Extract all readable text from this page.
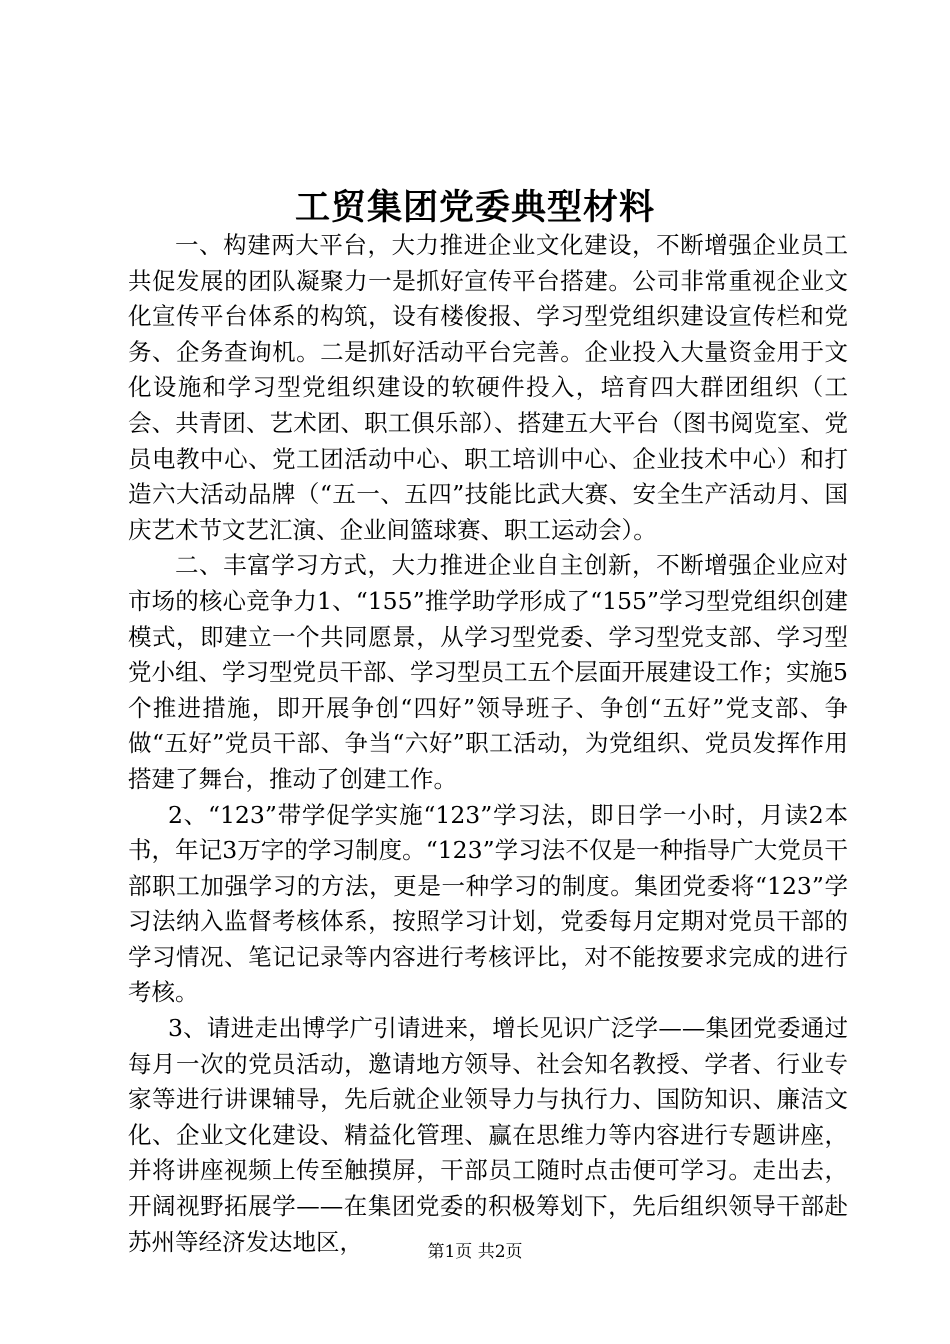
工贸集团党委典型材料

一、构建两大平台，大力推进企业文化建设，不断增强企业员工共促发展的团队凝聚力一是抓好宣传平台搭建。公司非常重视企业文化宣传平台体系的构筑，设有楼俊报、学习型党组织建设宣传栏和党务、企务查询机。二是抓好活动平台完善。企业投入大量资金用于文化设施和学习型党组织建设的软硬件投入，培育四大群团组织（工会、共青团、艺术团、职工俱乐部）、搭建五大平台（图书阅览室、党员电教中心、党工团活动中心、职工培训中心、企业技术中心）和打造六大活动品牌（“五一、五四”技能比武大赛、安全生产活动月、国庆艺术节文艺汇演、企业间篮球赛、职工运动会）。

二、丰富学习方式，大力推进企业自主创新，不断增强企业应对市场的核心竞争力1、“155”推学助学形成了“155”学习型党组织创建模式，即建立一个共同愿景，从学习型党委、学习型党支部、学习型党小组、学习型党员干部、学习型员工五个层面开展建设工作；实施5个推进措施，即开展争创“四好”领导班子、争创“五好”党支部、争做“五好”党员干部、争当“六好”职工活动，为党组织、党员发挥作用搭建了舞台，推动了创建工作。

2、“123”带学促学实施“123”学习法，即日学一小时，月读2本书，年记3万字的学习制度。“123”学习法不仅是一种指导广大党员干部职工加强学习的方法，更是一种学习的制度。集团党委将“123”学习法纳入监督考核体系，按照学习计划，党委每月定期对党员干部的学习情况、笔记记录等内容进行考核评比，对不能按要求完成的进行考核。

3、请进走出博学广引请进来，增长见识广泛学——集团党委通过每月一次的党员活动，邀请地方领导、社会知名教授、学者、行业专家等进行讲课辅导，先后就企业领导力与执行力、国防知识、廉洁文化、企业文化建设、精益化管理、赢在思维力等内容进行专题讲座，并将讲座视频上传至触摸屏，干部员工随时点击便可学习。走出去，开阔视野拓展学——在集团党委的积极筹划下，先后组织领导干部赴苏州等经济发达地区，	第1页 共2页
